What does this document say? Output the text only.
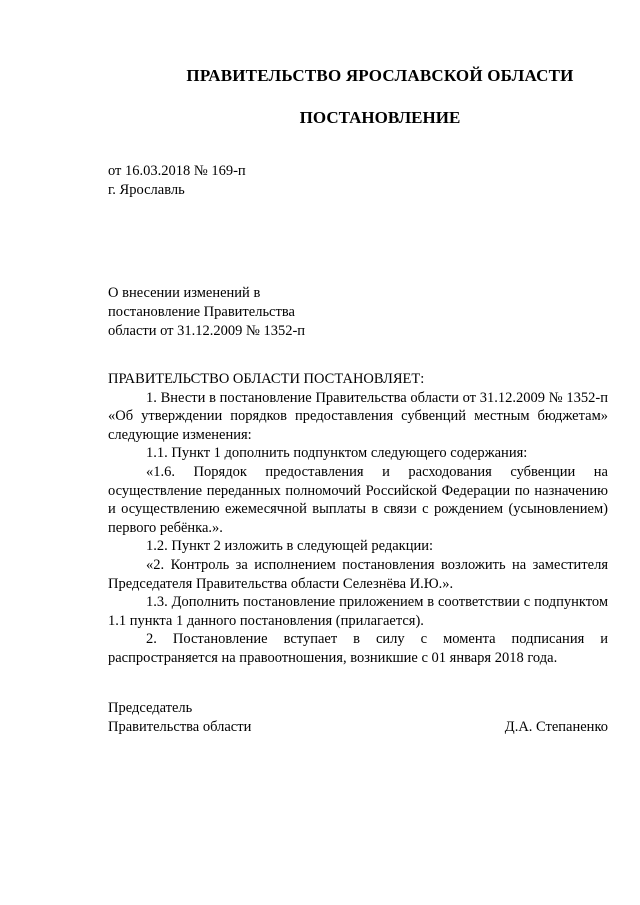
ПРАВИТЕЛЬСТВО ЯРОСЛАВСКОЙ ОБЛАСТИ
ПОСТАНОВЛЕНИЕ
от 16.03.2018 № 169-п
г. Ярославль
О внесении изменений в
постановление Правительства
области от 31.12.2009 № 1352-п

ПРАВИТЕЛЬСТВО ОБЛАСТИ ПОСТАНОВЛЯЕТ:

1. Внести в постановление Правительства области от 31.12.2009 № 1352-п «Об утверждении порядков предоставления субвенций местным бюджетам» следующие изменения:

1.1. Пункт 1 дополнить подпунктом следующего содержания:

«1.6. Порядок предоставления и расходования субвенции на осуществление переданных полномочий Российской Федерации по назначению и осуществлению ежемесячной выплаты в связи с рождением (усыновлением) первого ребёнка.».

1.2. Пункт 2 изложить в следующей редакции:

«2. Контроль за исполнением постановления возложить на заместителя Председателя Правительства области Селезнёва И.Ю.».

1.3. Дополнить постановление приложением в соответствии с подпунктом 1.1 пункта 1 данного постановления (прилагается).

2. Постановление вступает в силу с момента подписания и распространяется на правоотношения, возникшие с 01 января 2018 года.

Председатель
Правительства области	Д.А. Степаненко
